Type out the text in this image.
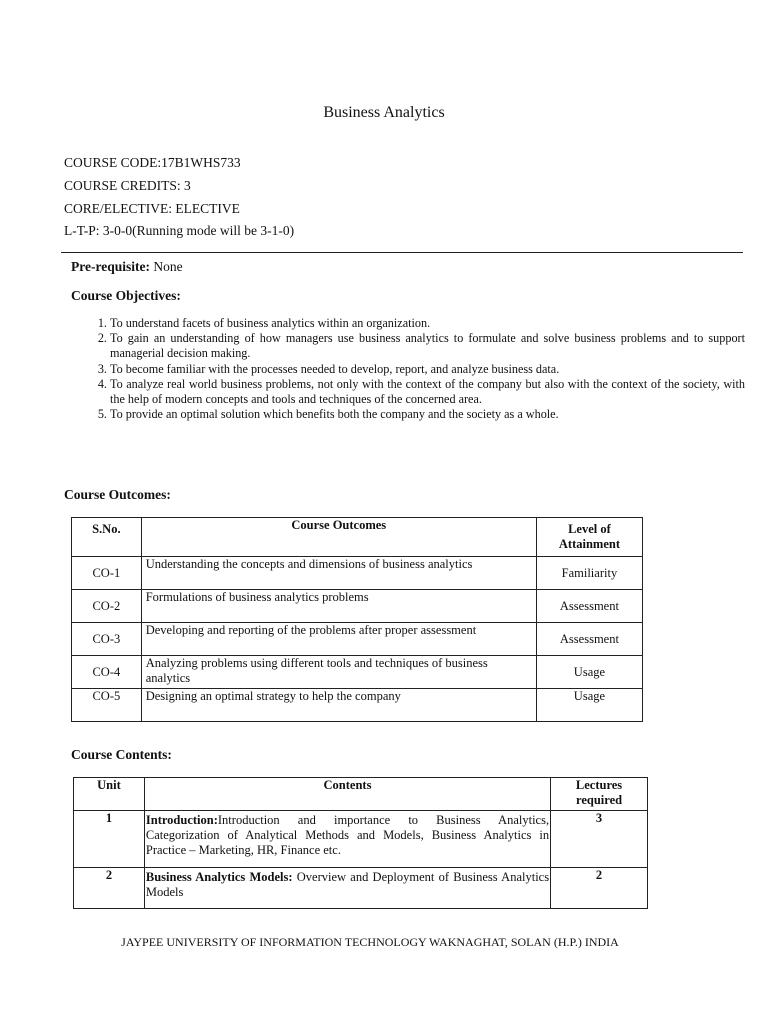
Business Analytics
COURSE CODE:17B1WHS733
COURSE CREDITS: 3
CORE/ELECTIVE: ELECTIVE
L-T-P: 3-0-0(Running mode will be 3-1-0)
Pre-requisite: None
Course Objectives:
1. To understand facets of business analytics within an organization.
2. To gain an understanding of how managers use business analytics to formulate and solve business problems and to support managerial decision making.
3. To become familiar with the processes needed to develop, report, and analyze business data.
4. To analyze real world business problems, not only with the context of the company but also with the context of the society, with the help of modern concepts and tools and techniques of the concerned area.
5. To provide an optimal solution which benefits both the company and the society as a whole.
Course Outcomes:
S.No.	Course Outcomes	Level of Attainment
CO-1	Understanding the concepts and dimensions of business analytics	Familiarity
CO-2	Formulations of business analytics problems	Assessment
CO-3	Developing and reporting of the problems after proper assessment	Assessment
CO-4	Analyzing problems using different tools and techniques of business analytics	Usage
CO-5	Designing an optimal strategy to help the company	Usage
Course Contents:
Unit	Contents	Lectures required
1	Introduction:Introduction and importance to Business Analytics, Categorization of Analytical Methods and Models, Business Analytics in Practice – Marketing, HR, Finance etc.	3
2	Business Analytics Models: Overview and Deployment of Business Analytics Models	2
JAYPEE UNIVERSITY OF INFORMATION TECHNOLOGY WAKNAGHAT, SOLAN (H.P.) INDIA
